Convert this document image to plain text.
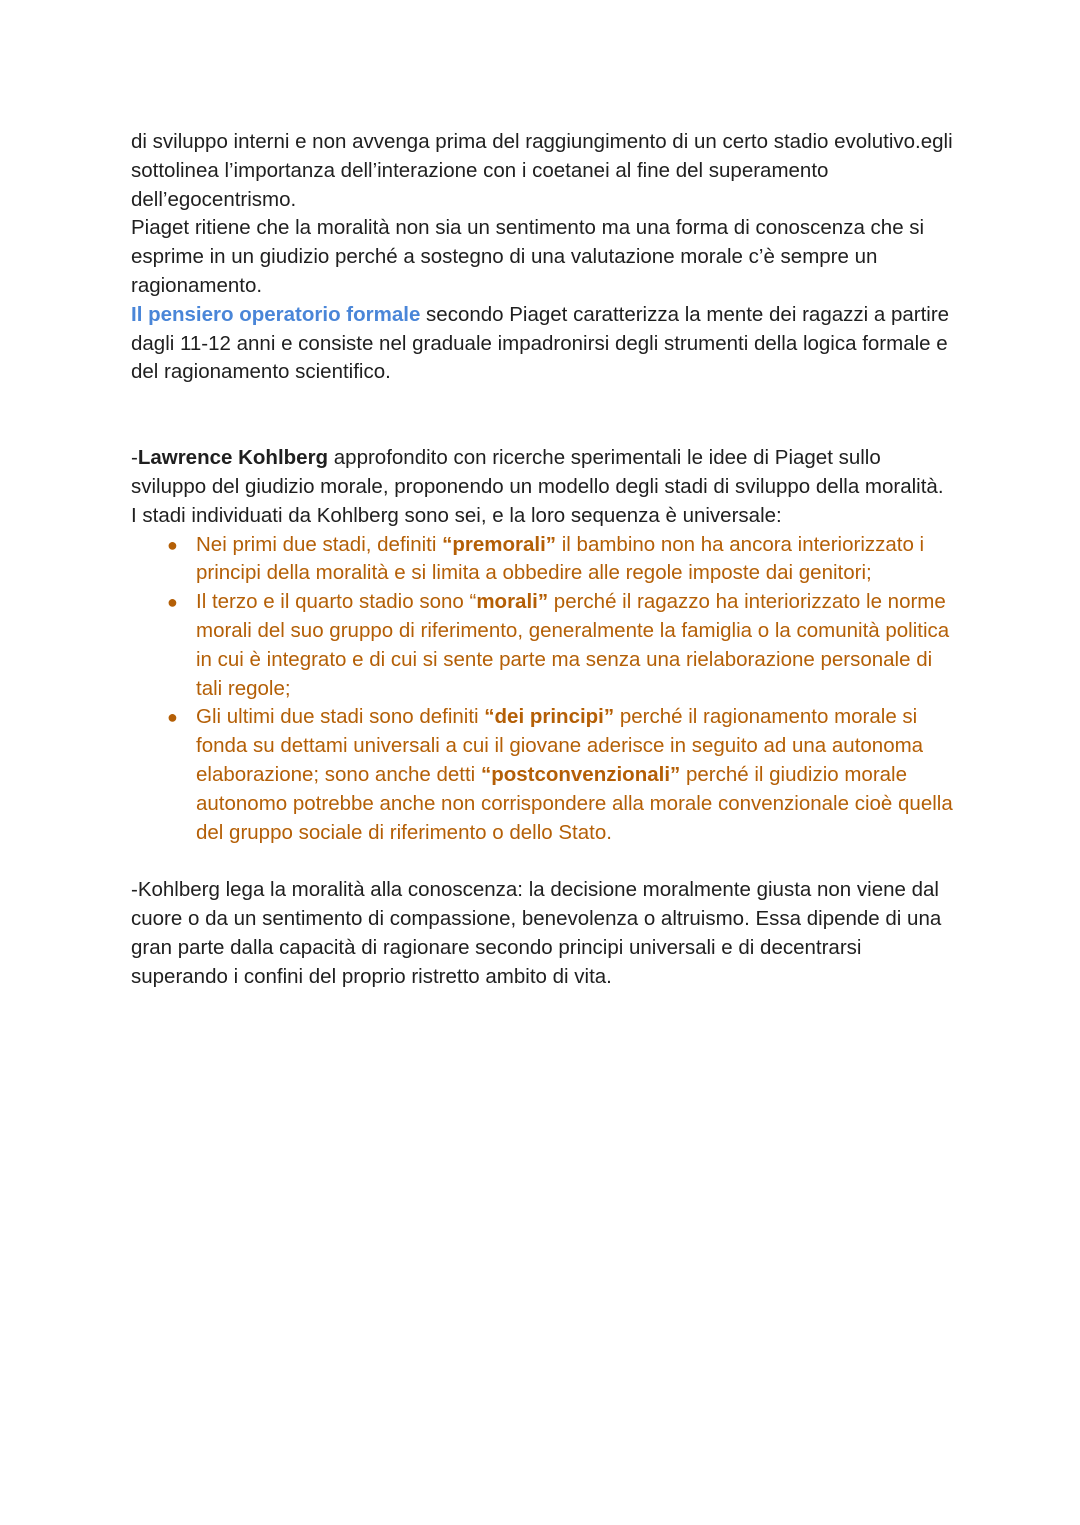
di sviluppo interni e non avvenga prima del raggiungimento di un certo stadio evolutivo.egli sottolinea l’importanza dell’interazione con i coetanei al fine del superamento dell’egocentrismo.

Piaget ritiene che la moralità non sia un sentimento ma una forma di conoscenza che si esprime in un giudizio perché a sostegno di una valutazione morale c’è sempre un ragionamento.

Il pensiero operatorio formale secondo Piaget caratterizza la mente dei ragazzi a partire dagli 11-12 anni e consiste nel graduale impadronirsi degli strumenti della logica formale e del ragionamento scientifico.

-Lawrence Kohlberg approfondito con ricerche sperimentali le idee di Piaget sullo sviluppo del giudizio morale, proponendo un modello degli stadi di sviluppo della moralità.

I stadi individuati da Kohlberg sono sei, e la loro sequenza è universale:

● Nei primi due stadi, definiti “premorali” il bambino non ha ancora interiorizzato i principi della moralità e si limita a obbedire alle regole imposte dai genitori;
● Il terzo e il quarto stadio sono “morali” perché il ragazzo ha interiorizzato le norme morali del suo gruppo di riferimento, generalmente la famiglia o la comunità politica in cui è integrato e di cui si sente parte ma senza una rielaborazione personale di tali regole;
● Gli ultimi due stadi sono definiti “dei principi” perché il ragionamento morale si fonda su dettami universali a cui il giovane aderisce in seguito ad una autonoma elaborazione; sono anche detti “postconvenzionali” perché il giudizio morale autonomo potrebbe anche non corrispondere alla morale convenzionale cioè quella del gruppo sociale di riferimento o dello Stato.

-Kohlberg lega la moralità alla conoscenza: la decisione moralmente giusta non viene dal cuore o da un sentimento di compassione, benevolenza o altruismo. Essa dipende di una gran parte dalla capacità di ragionare secondo principi universali e di decentrarsi superando i confini del proprio ristretto ambito di vita.
